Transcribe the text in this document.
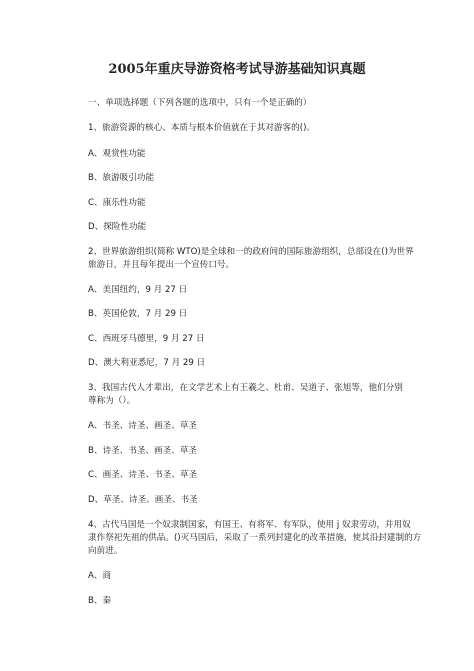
2005年重庆导游资格考试导游基础知识真题
一、单项选择题（下列各题的选项中，只有一个是正确的）
1、旅游资源的核心、本质与根本价值就在于其对游客的()。
A、观赏性功能
B、旅游吸引功能
C、康乐性功能
D、探险性功能
2、世界旅游组织(简称 WTO)是全球和一的政府间的国际旅游组织，总部设在()为世界
旅游日，并且每年提出一个宣传口号。
A、美国纽约，9 月 27 日
B、英国伦敦，7 月 29 日
C、西班牙马德里，9 月 27 日
D、澳大利亚悉尼，7 月 29 日
3、我国古代人才辈出，在文学艺术上有王羲之、杜甫、吴道子、张旭等，他们分别
尊称为（）。
A、书圣、诗圣、画圣、草圣
B、诗圣、书圣、画圣、草圣
C、画圣、诗圣、书圣、草圣
D、草圣、诗圣、画圣、书圣
4、古代马国是一个奴隶制国家，有国王、有将军、有军队，使用 j 奴隶劳动，并用奴
隶作祭祀先祖的供品。()灭马国后，采取了一系列封建化的改革措施，使其沿封建制的方
向前进。
A、商
B、秦
